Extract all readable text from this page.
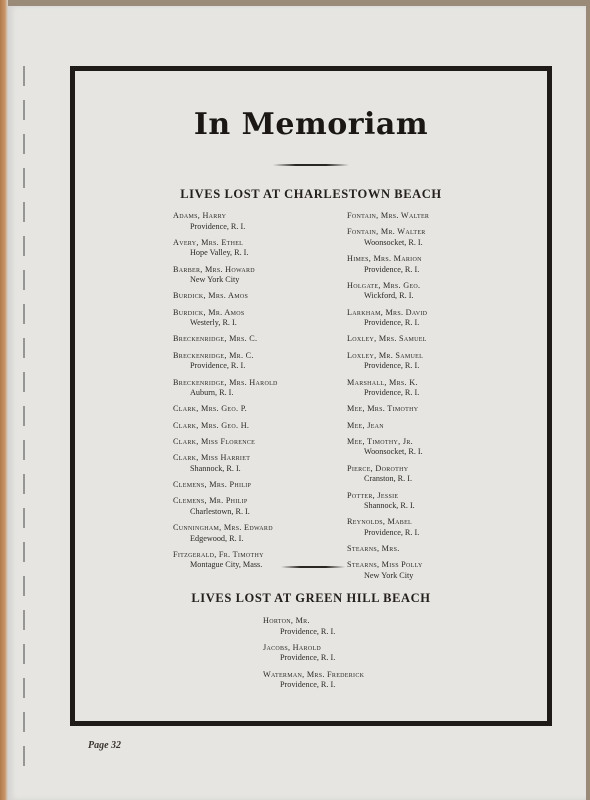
In Memoriam
LIVES LOST AT CHARLESTOWN BEACH
Adams, Harry
Providence, R. I.
Avery, Mrs. Ethel
Hope Valley, R. I.
Barber, Mrs. Howard
New York City
Burdick, Mrs. Amos
Burdick, Mr. Amos
Westerly, R. I.
Breckenridge, Mrs. C.
Breckenridge, Mr. C.
Providence, R. I.
Breckenridge, Mrs. Harold
Auburn, R. I.
Clark, Mrs. Geo. P.
Clark, Mrs. Geo. H.
Clark, Miss Florence
Clark, Miss Harriet
Shannock, R. I.
Clemens, Mrs. Philip
Clemens, Mr. Philip
Charlestown, R. I.
Cunningham, Mrs. Edward
Edgewood, R. I.
Fitzgerald, Fr. Timothy
Montague City, Mass.
Fontain, Mrs. Walter
Fontain, Mr. Walter
Woonsocket, R. I.
Himes, Mrs. Marion
Providence, R. I.
Holgate, Mrs. Geo.
Wickford, R. I.
Larkham, Mrs. David
Providence, R. I.
Loxley, Mrs. Samuel
Loxley, Mr. Samuel
Providence, R. I.
Marshall, Mrs. K.
Providence, R. I.
Mee, Mrs. Timothy
Mee, Jean
Mee, Timothy, Jr.
Woonsocket, R. I.
Pierce, Dorothy
Cranston, R. I.
Potter, Jessie
Shannock, R. I.
Reynolds, Mabel
Providence, R. I.
Stearns, Mrs.
Stearns, Miss Polly
New York City
LIVES LOST AT GREEN HILL BEACH
Horton, Mr.
Providence, R. I.
Jacobs, Harold
Providence, R. I.
Waterman, Mrs. Frederick
Providence, R. I.

Page 32
